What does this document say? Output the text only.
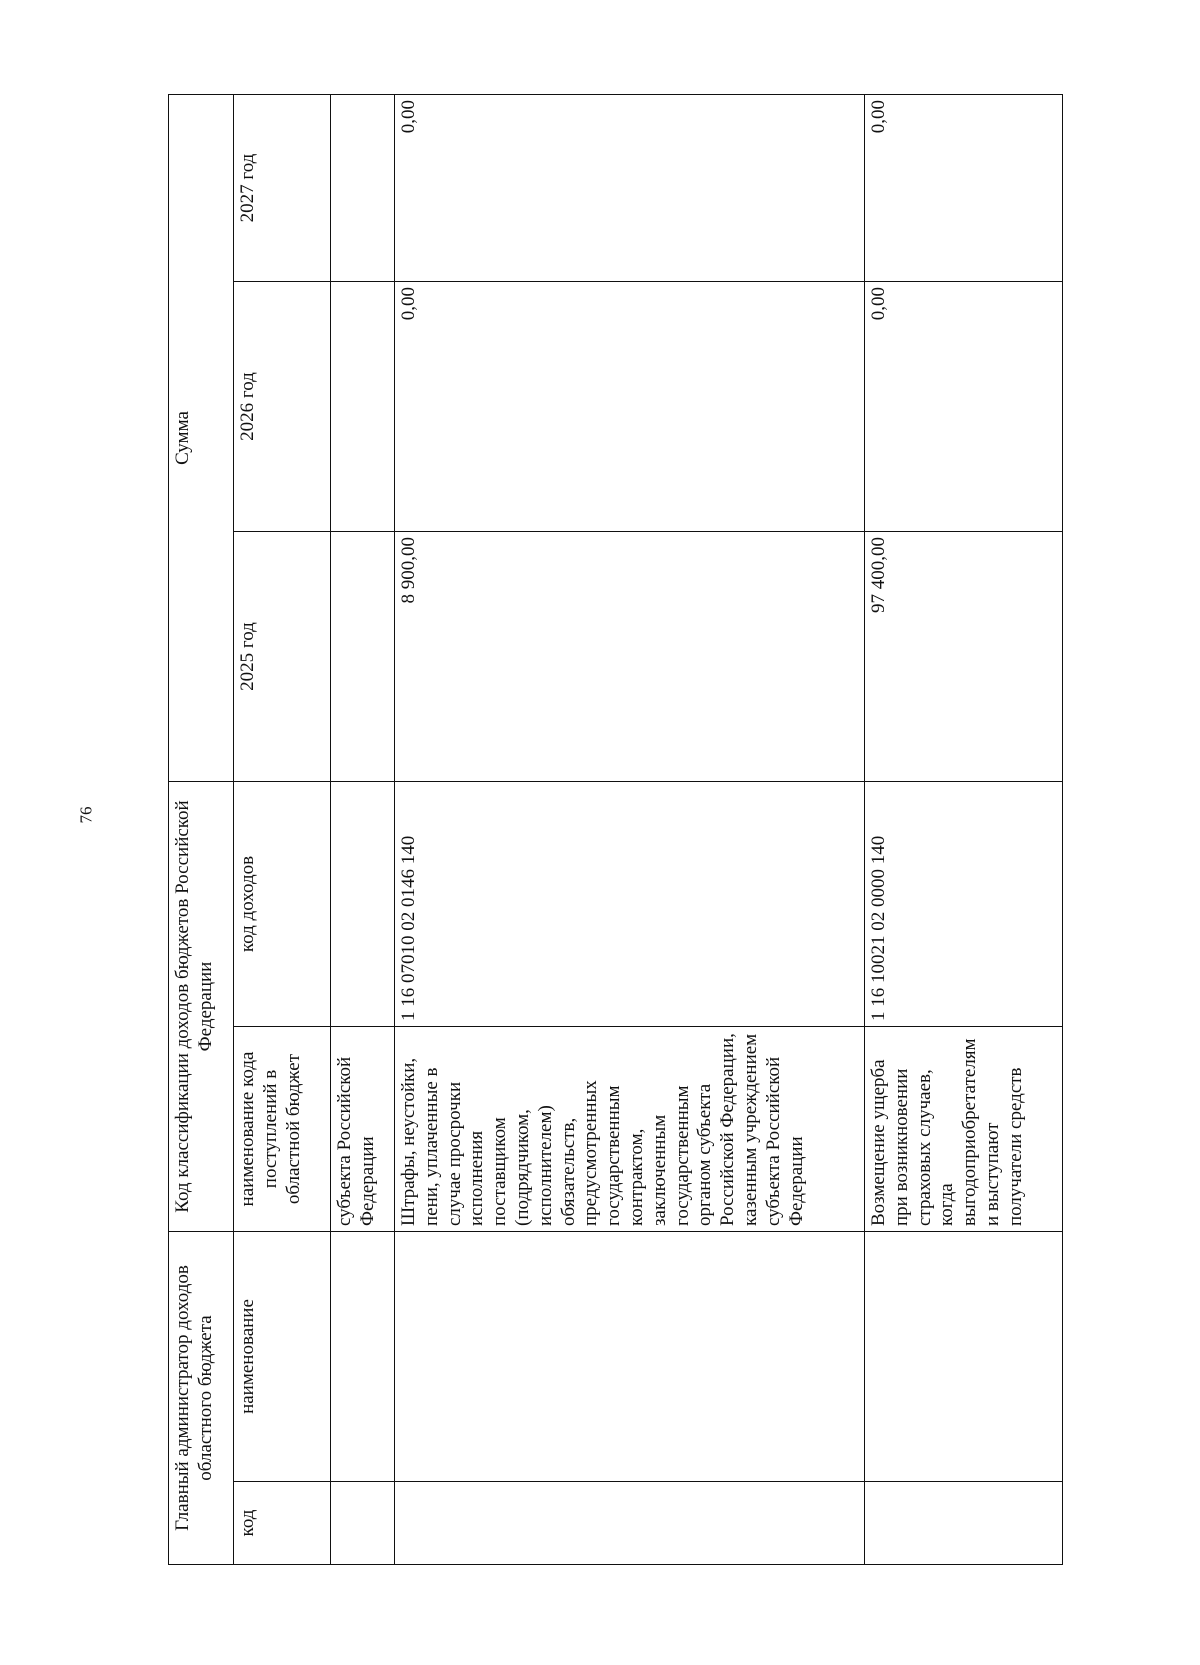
76
Главный администратор доходов областного бюджета		Код классификации доходов бюджетов Российской Федерации		Сумма		
код	наименование	наименование кода поступлений в областной бюджет	код доходов	2025 год	2026 год	2027 год
		субъекта Российской Федерации				
		Штрафы, неустойки, пени, уплаченные в случае просрочки исполнения поставщиком (подрядчиком, исполнителем) обязательств, предусмотренных государственным контрактом, заключенным государственным органом субъекта Российской Федерации, казенным учреждением субъекта Российской Федерации	1 16 07010 02 0146 140	8 900,00	0,00	0,00
		Возмещение ущерба при возникновении страховых случаев, когда выгодоприобретателям и выступают получатели средств	1 16 10021 02 0000 140	97 400,00	0,00	0,00
